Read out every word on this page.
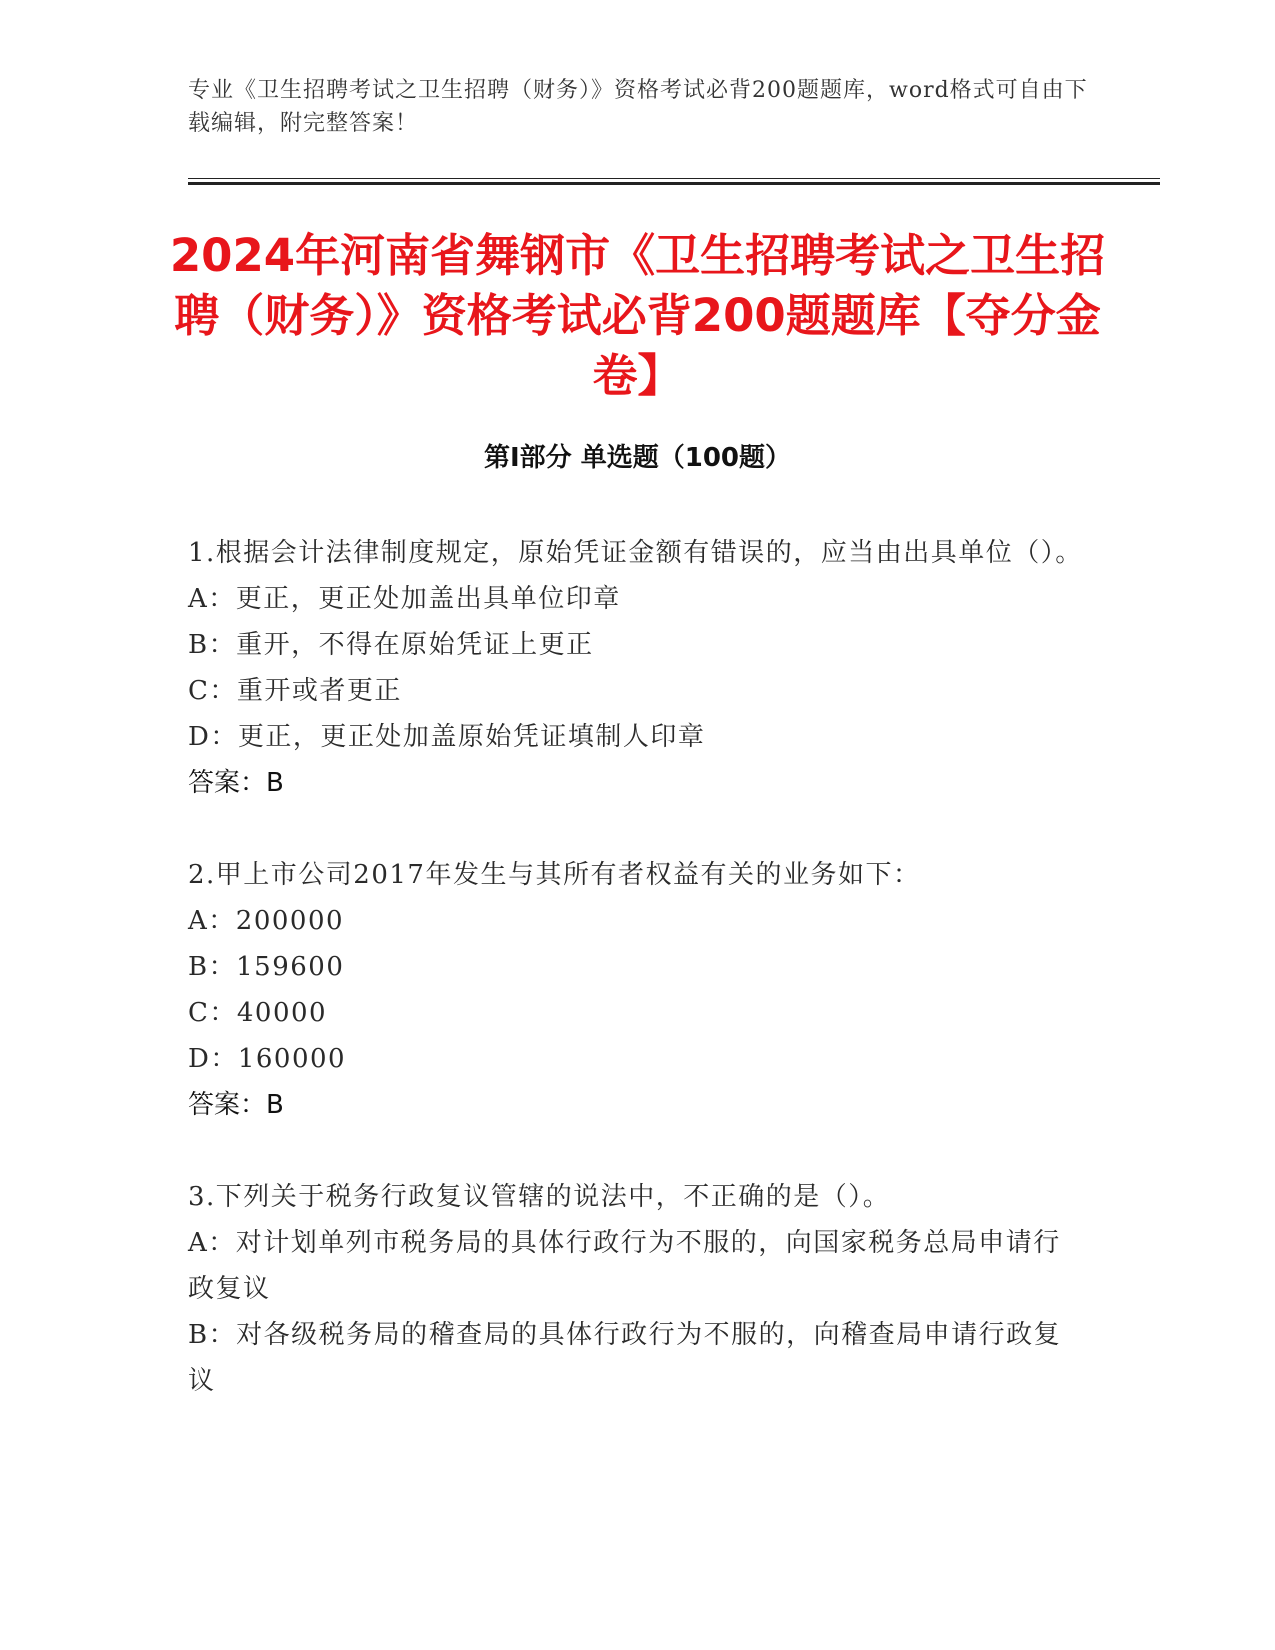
专业《卫生招聘考试之卫生招聘（财务）》资格考试必背200题题库，word格式可自由下载编辑，附完整答案！
2024年河南省舞钢市《卫生招聘考试之卫生招聘（财务）》资格考试必背200题题库【夺分金卷】
第I部分 单选题（100题）

1.根据会计法律制度规定，原始凭证金额有错误的，应当由出具单位（）。

A：更正，更正处加盖出具单位印章

B：重开，不得在原始凭证上更正

C：重开或者更正

D：更正，更正处加盖原始凭证填制人印章

答案：B

2.甲上市公司2017年发生与其所有者权益有关的业务如下：

A：200000

B：159600

C：40000

D：160000

答案：B

3.下列关于税务行政复议管辖的说法中，不正确的是（）。

A：对计划单列市税务局的具体行政行为不服的，向国家税务总局申请行政复议

B：对各级税务局的稽查局的具体行政行为不服的，向稽查局申请行政复议
